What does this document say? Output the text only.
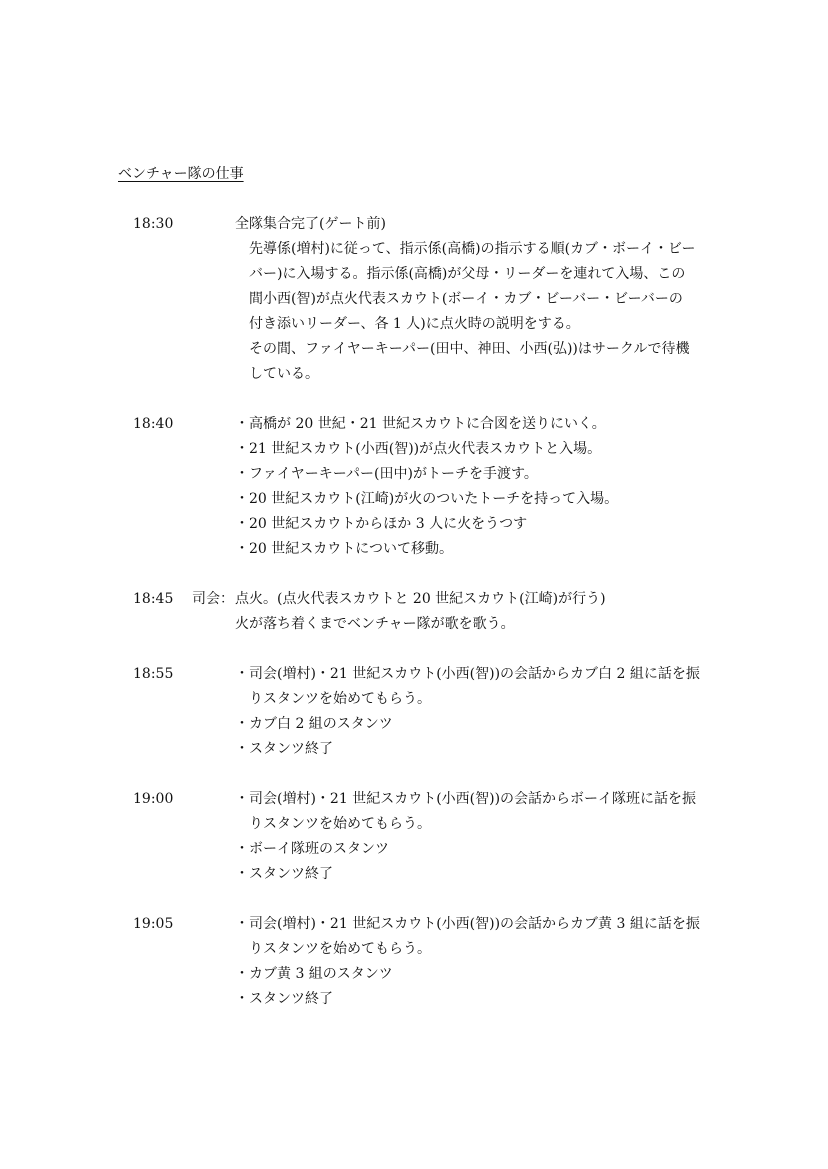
ベンチャー隊の仕事
18:30	全隊集合完了(ゲート前)
先導係(増村)に従って、指示係(高橋)の指示する順(カブ・ボーイ・ビー
バー)に入場する。指示係(高橋)が父母・リーダーを連れて入場、この
間小西(智)が点火代表スカウト(ボーイ・カブ・ビーバー・ビーバーの
付き添いリーダー、各 1 人)に点火時の説明をする。
その間、ファイヤーキーパー(田中、神田、小西(弘))はサークルで待機
している。
18:40	・高橋が 20 世紀・21 世紀スカウトに合図を送りにいく。
・21 世紀スカウト(小西(智))が点火代表スカウトと入場。
・ファイヤーキーパー(田中)がトーチを手渡す。
・20 世紀スカウト(江崎)が火のついたトーチを持って入場。
・20 世紀スカウトからほか 3 人に火をうつす
・20 世紀スカウトについて移動。
18:45 司会： 点火。(点火代表スカウトと 20 世紀スカウト(江崎)が行う)
火が落ち着くまでベンチャー隊が歌を歌う。
18:55	・司会(増村)・21 世紀スカウト(小西(智))の会話からカブ白 2 組に話を振
りスタンツを始めてもらう。
・カブ白 2 組のスタンツ
・スタンツ終了
19:00	・司会(増村)・21 世紀スカウト(小西(智))の会話からボーイ隊班に話を振
りスタンツを始めてもらう。
・ボーイ隊班のスタンツ
・スタンツ終了
19:05	・司会(増村)・21 世紀スカウト(小西(智))の会話からカブ黄 3 組に話を振
りスタンツを始めてもらう。
・カブ黄 3 組のスタンツ
・スタンツ終了
